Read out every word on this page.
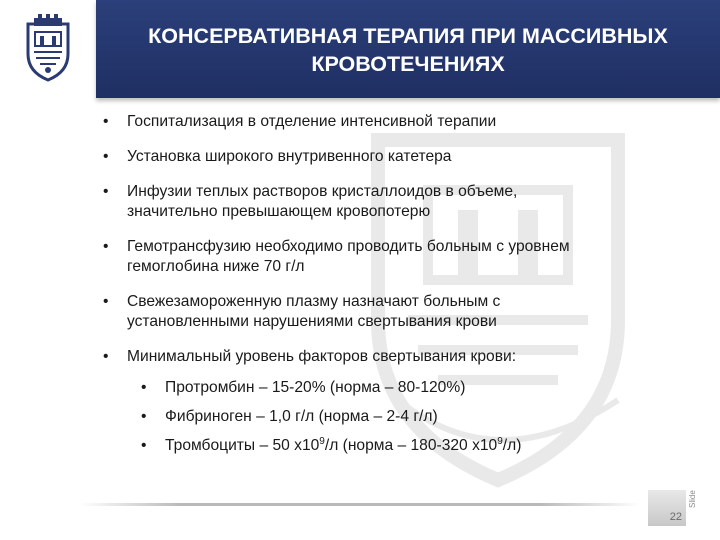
КОНСЕРВАТИВНАЯ ТЕРАПИЯ ПРИ МАССИВНЫХ
КРОВОТЕЧЕНИЯХ
• Госпитализация в отделение интенсивной терапии
• Установка широкого внутривенного катетера
• Инфузии теплых растворов кристаллоидов в объеме,
значительно превышающем кровопотерю
• Гемотрансфузию необходимо проводить больным с уровнем
гемоглобина ниже 70 г/л
• Свежезамороженную плазму назначают больным с
установленными нарушениями свертывания крови
• Минимальный уровень факторов свертывания крови:
• Протромбин – 15-20% (норма – 80-120%)
• Фибриноген – 1,0 г/л (норма – 2-4 г/л)
• Тромбоциты – 50 $х10^9/л$ (норма – 180-320 $х10^9/л$)
22
Slide
